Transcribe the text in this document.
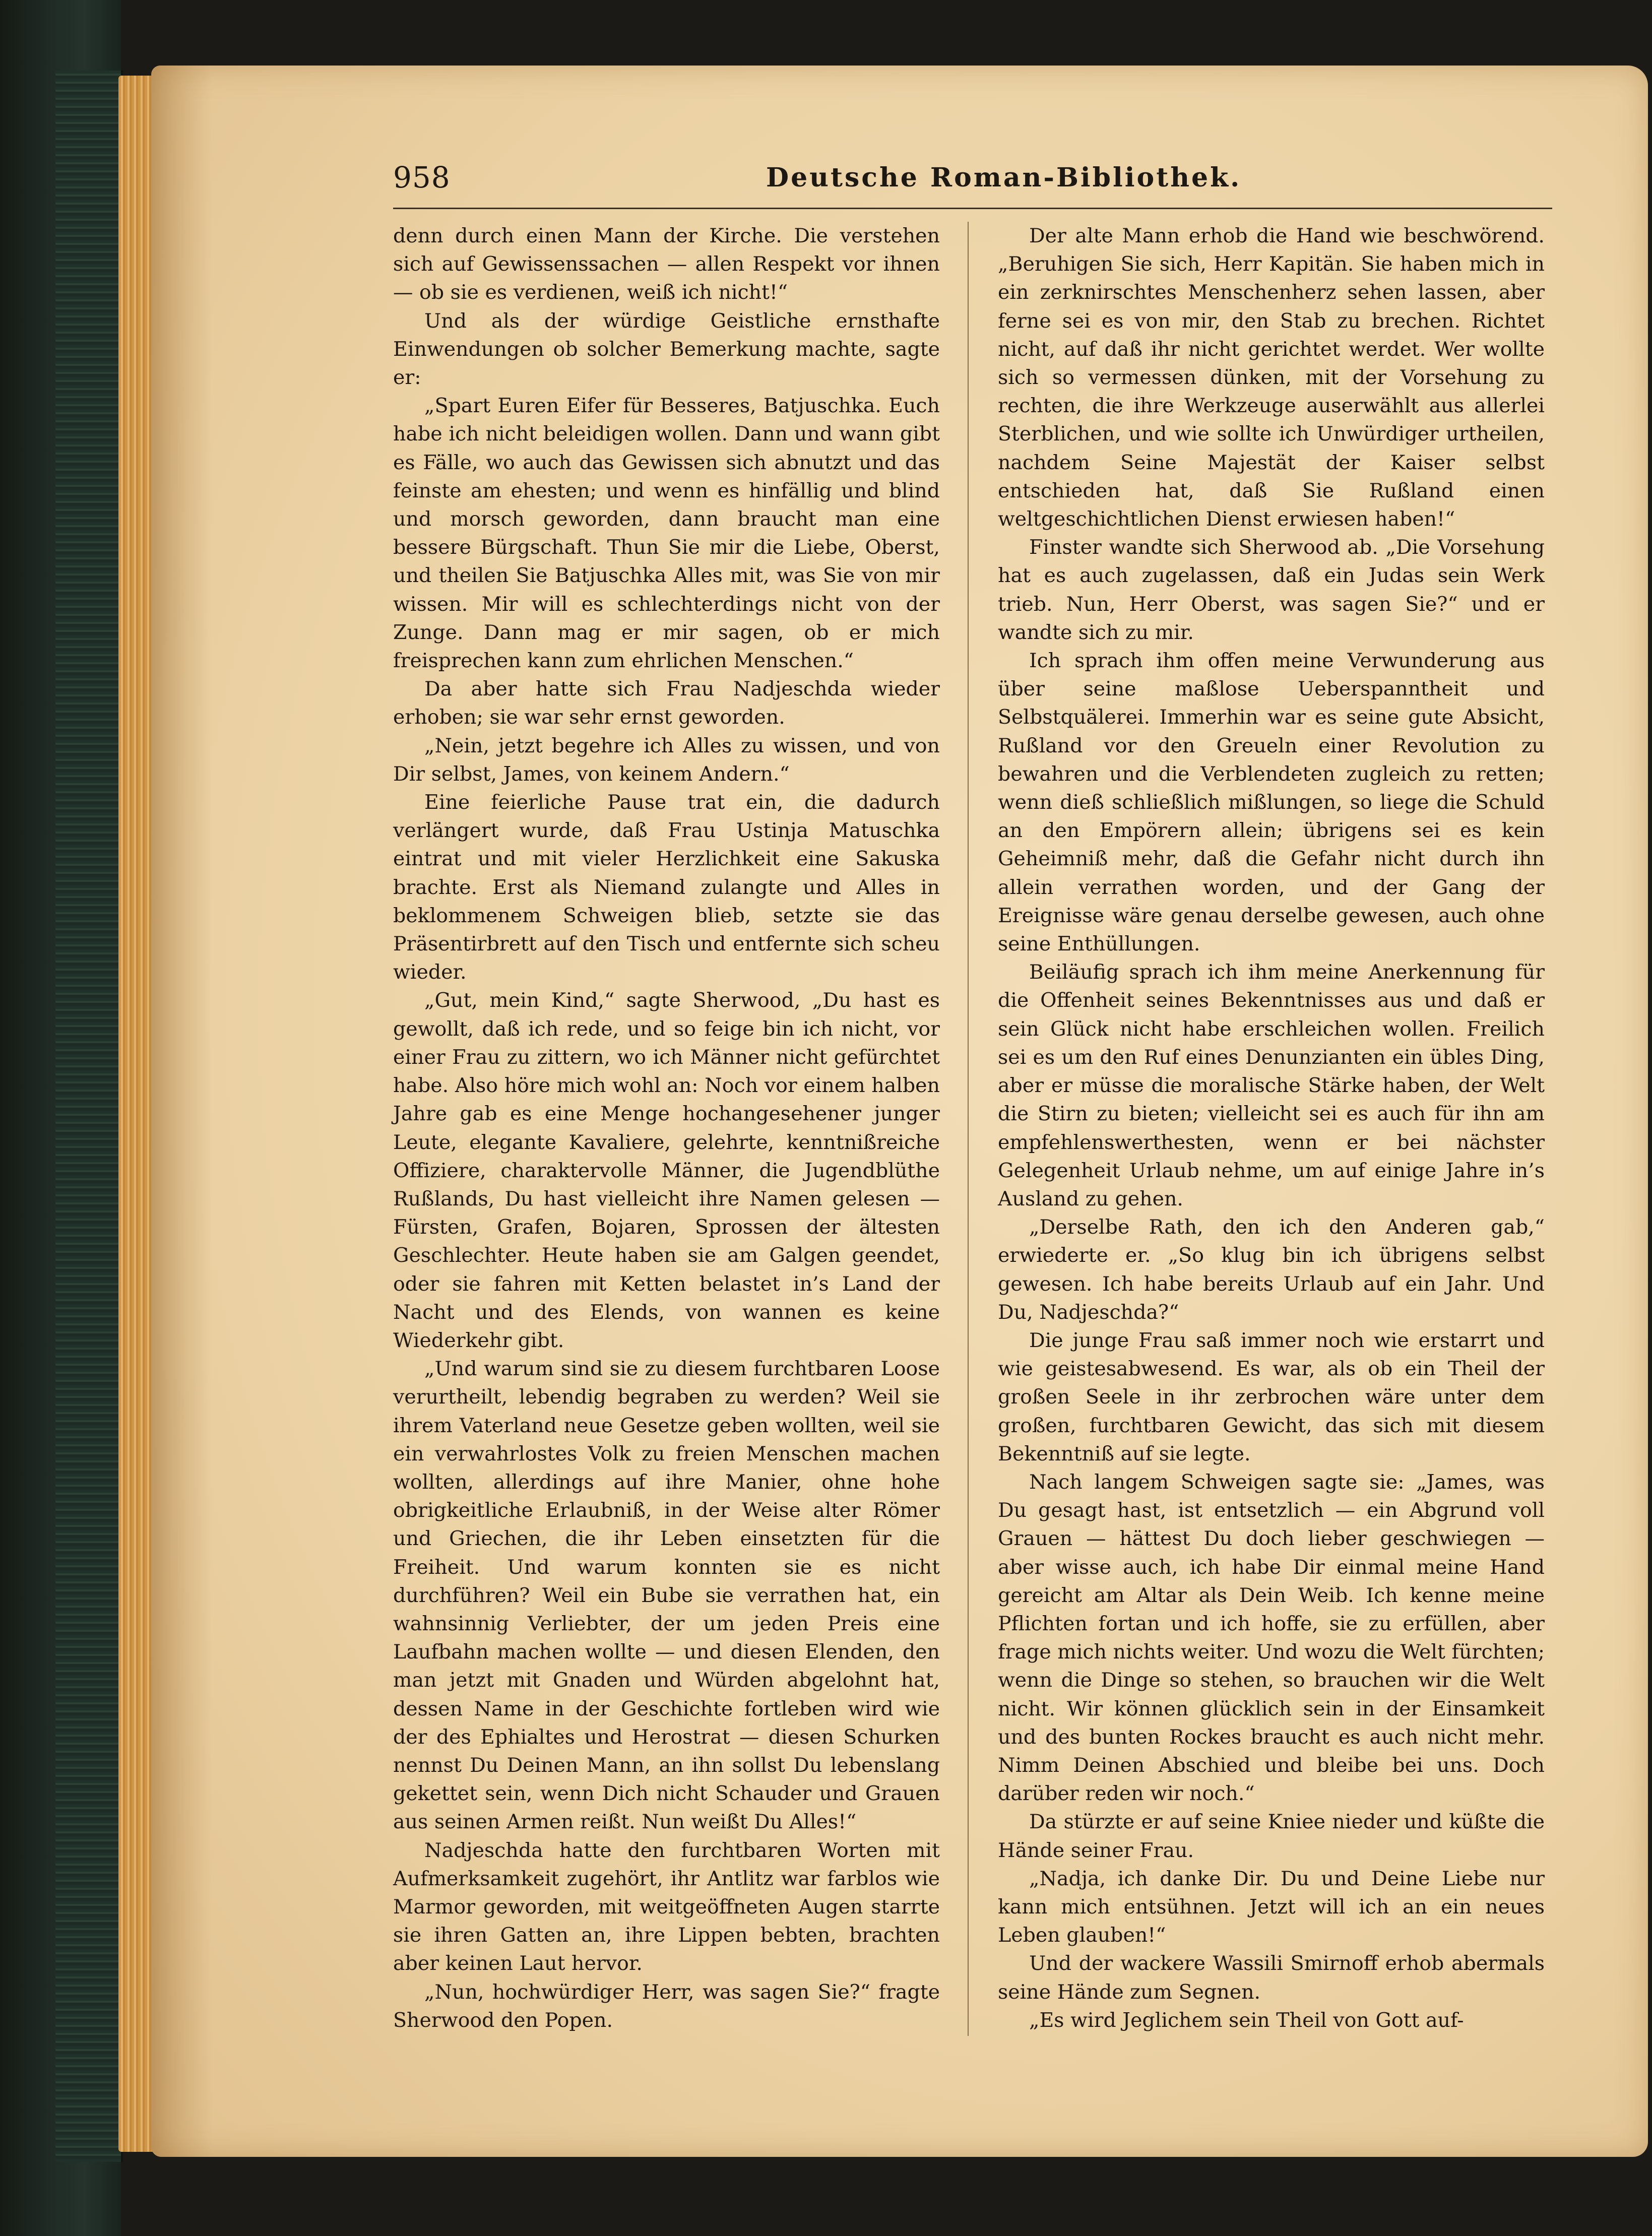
958	Deutsche Roman-Bibliothek.

denn durch einen Mann der Kirche. Die verstehen sich auf Gewissenssachen — allen Respekt vor ihnen — ob sie es verdienen, weiß ich nicht!“

Und als der würdige Geistliche ernsthafte Einwendungen ob solcher Bemerkung machte, sagte er:

„Spart Euren Eifer für Besseres, Batjuschka. Euch habe ich nicht beleidigen wollen. Dann und wann gibt es Fälle, wo auch das Gewissen sich abnutzt und das feinste am ehesten; und wenn es hinfällig und blind und morsch geworden, dann braucht man eine bessere Bürgschaft. Thun Sie mir die Liebe, Oberst, und theilen Sie Batjuschka Alles mit, was Sie von mir wissen. Mir will es schlechterdings nicht von der Zunge. Dann mag er mir sagen, ob er mich freisprechen kann zum ehrlichen Menschen.“

Da aber hatte sich Frau Nadjeschda wieder erhoben; sie war sehr ernst geworden.

„Nein, jetzt begehre ich Alles zu wissen, und von Dir selbst, James, von keinem Andern.“

Eine feierliche Pause trat ein, die dadurch verlängert wurde, daß Frau Ustinja Matuschka eintrat und mit vieler Herzlichkeit eine Sakuska brachte. Erst als Niemand zulangte und Alles in beklommenem Schweigen blieb, setzte sie das Präsentirbrett auf den Tisch und entfernte sich scheu wieder.

„Gut, mein Kind,“ sagte Sherwood, „Du hast es gewollt, daß ich rede, und so feige bin ich nicht, vor einer Frau zu zittern, wo ich Männer nicht gefürchtet habe. Also höre mich wohl an: Noch vor einem halben Jahre gab es eine Menge hochangesehener junger Leute, elegante Kavaliere, gelehrte, kenntnißreiche Offiziere, charaktervolle Männer, die Jugendblüthe Rußlands, Du hast vielleicht ihre Namen gelesen — Fürsten, Grafen, Bojaren, Sprossen der ältesten Geschlechter. Heute haben sie am Galgen geendet, oder sie fahren mit Ketten belastet in’s Land der Nacht und des Elends, von wannen es keine Wiederkehr gibt.

„Und warum sind sie zu diesem furchtbaren Loose verurtheilt, lebendig begraben zu werden? Weil sie ihrem Vaterland neue Gesetze geben wollten, weil sie ein verwahrlostes Volk zu freien Menschen machen wollten, allerdings auf ihre Manier, ohne hohe obrigkeitliche Erlaubniß, in der Weise alter Römer und Griechen, die ihr Leben einsetzten für die Freiheit. Und warum konnten sie es nicht durchführen? Weil ein Bube sie verrathen hat, ein wahnsinnig Verliebter, der um jeden Preis eine Laufbahn machen wollte — und diesen Elenden, den man jetzt mit Gnaden und Würden abgelohnt hat, dessen Name in der Geschichte fortleben wird wie der des Ephialtes und Herostrat — diesen Schurken nennst Du Deinen Mann, an ihn sollst Du lebenslang gekettet sein, wenn Dich nicht Schauder und Grauen aus seinen Armen reißt. Nun weißt Du Alles!“

Nadjeschda hatte den furchtbaren Worten mit Aufmerksamkeit zugehört, ihr Antlitz war farblos wie Marmor geworden, mit weitgeöffneten Augen starrte sie ihren Gatten an, ihre Lippen bebten, brachten aber keinen Laut hervor.

„Nun, hochwürdiger Herr, was sagen Sie?“ fragte Sherwood den Popen.

Der alte Mann erhob die Hand wie beschwörend. „Beruhigen Sie sich, Herr Kapitän. Sie haben mich in ein zerknirschtes Menschenherz sehen lassen, aber ferne sei es von mir, den Stab zu brechen. Richtet nicht, auf daß ihr nicht gerichtet werdet. Wer wollte sich so vermessen dünken, mit der Vorsehung zu rechten, die ihre Werkzeuge auserwählt aus allerlei Sterblichen, und wie sollte ich Unwürdiger urtheilen, nachdem Seine Majestät der Kaiser selbst entschieden hat, daß Sie Rußland einen weltgeschichtlichen Dienst erwiesen haben!“

Finster wandte sich Sherwood ab. „Die Vorsehung hat es auch zugelassen, daß ein Judas sein Werk trieb. Nun, Herr Oberst, was sagen Sie?“ und er wandte sich zu mir.

Ich sprach ihm offen meine Verwunderung aus über seine maßlose Ueberspanntheit und Selbstquälerei. Immerhin war es seine gute Absicht, Rußland vor den Greueln einer Revolution zu bewahren und die Verblendeten zugleich zu retten; wenn dieß schließlich mißlungen, so liege die Schuld an den Empörern allein; übrigens sei es kein Geheimniß mehr, daß die Gefahr nicht durch ihn allein verrathen worden, und der Gang der Ereignisse wäre genau derselbe gewesen, auch ohne seine Enthüllungen.

Beiläufig sprach ich ihm meine Anerkennung für die Offenheit seines Bekenntnisses aus und daß er sein Glück nicht habe erschleichen wollen. Freilich sei es um den Ruf eines Denunzianten ein übles Ding, aber er müsse die moralische Stärke haben, der Welt die Stirn zu bieten; vielleicht sei es auch für ihn am empfehlenswerthesten, wenn er bei nächster Gelegenheit Urlaub nehme, um auf einige Jahre in’s Ausland zu gehen.

„Derselbe Rath, den ich den Anderen gab,“ erwiederte er. „So klug bin ich übrigens selbst gewesen. Ich habe bereits Urlaub auf ein Jahr. Und Du, Nadjeschda?“

Die junge Frau saß immer noch wie erstarrt und wie geistesabwesend. Es war, als ob ein Theil der großen Seele in ihr zerbrochen wäre unter dem großen, furchtbaren Gewicht, das sich mit diesem Bekenntniß auf sie legte.

Nach langem Schweigen sagte sie: „James, was Du gesagt hast, ist entsetzlich — ein Abgrund voll Grauen — hättest Du doch lieber geschwiegen — aber wisse auch, ich habe Dir einmal meine Hand gereicht am Altar als Dein Weib. Ich kenne meine Pflichten fortan und ich hoffe, sie zu erfüllen, aber frage mich nichts weiter. Und wozu die Welt fürchten; wenn die Dinge so stehen, so brauchen wir die Welt nicht. Wir können glücklich sein in der Einsamkeit und des bunten Rockes braucht es auch nicht mehr. Nimm Deinen Abschied und bleibe bei uns. Doch darüber reden wir noch.“

Da stürzte er auf seine Kniee nieder und küßte die Hände seiner Frau.

„Nadja, ich danke Dir. Du und Deine Liebe nur kann mich entsühnen. Jetzt will ich an ein neues Leben glauben!“

Und der wackere Wassili Smirnoff erhob abermals seine Hände zum Segnen.

„Es wird Jeglichem sein Theil von Gott auf-
